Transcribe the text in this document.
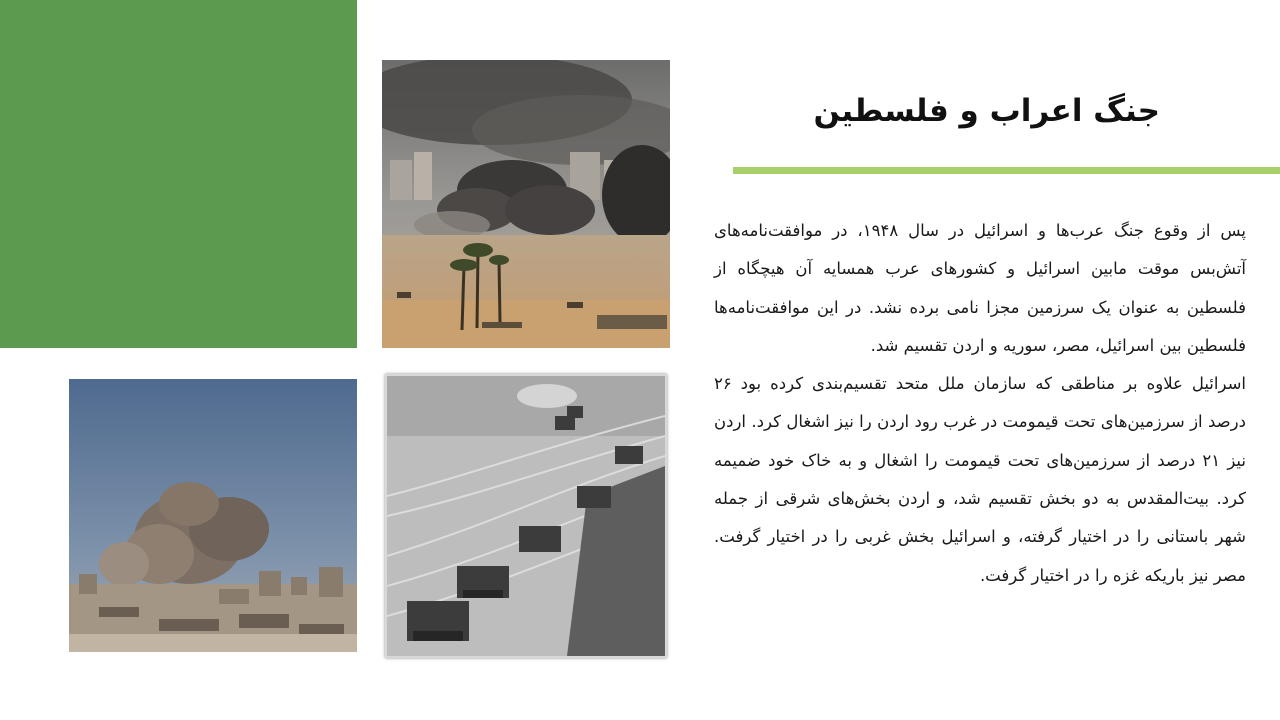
جنگ اعراب و فلسطین

پس از وقوع جنگ عرب‌ها و اسرائیل در سال ۱۹۴۸، در موافقت‌نامه‌های آتش‌بس موقت مابین اسرائیل و کشورهای عرب همسایه آن هیچگاه از فلسطین به عنوان یک سرزمین مجزا نامی برده نشد. در این موافقت‌نامه‌ها فلسطین بین اسرائیل، مصر، سوریه و اردن تقسیم شد.

اسرائیل علاوه بر مناطقی که سازمان ملل متحد تقسیم‌بندی کرده بود ۲۶ درصد از سرزمین‌های تحت قیمومت در غرب رود اردن را نیز اشغال کرد. اردن نیز ۲۱ درصد از سرزمین‌های تحت قیمومت را اشغال و به خاک خود ضمیمه کرد. بیت‌المقدس به دو بخش تقسیم شد، و اردن بخش‌های شرقی از جمله شهر باستانی را در اختیار گرفته، و اسرائیل بخش غربی را در اختیار گرفت. مصر نیز باریکه غزه را در اختیار گرفت.
